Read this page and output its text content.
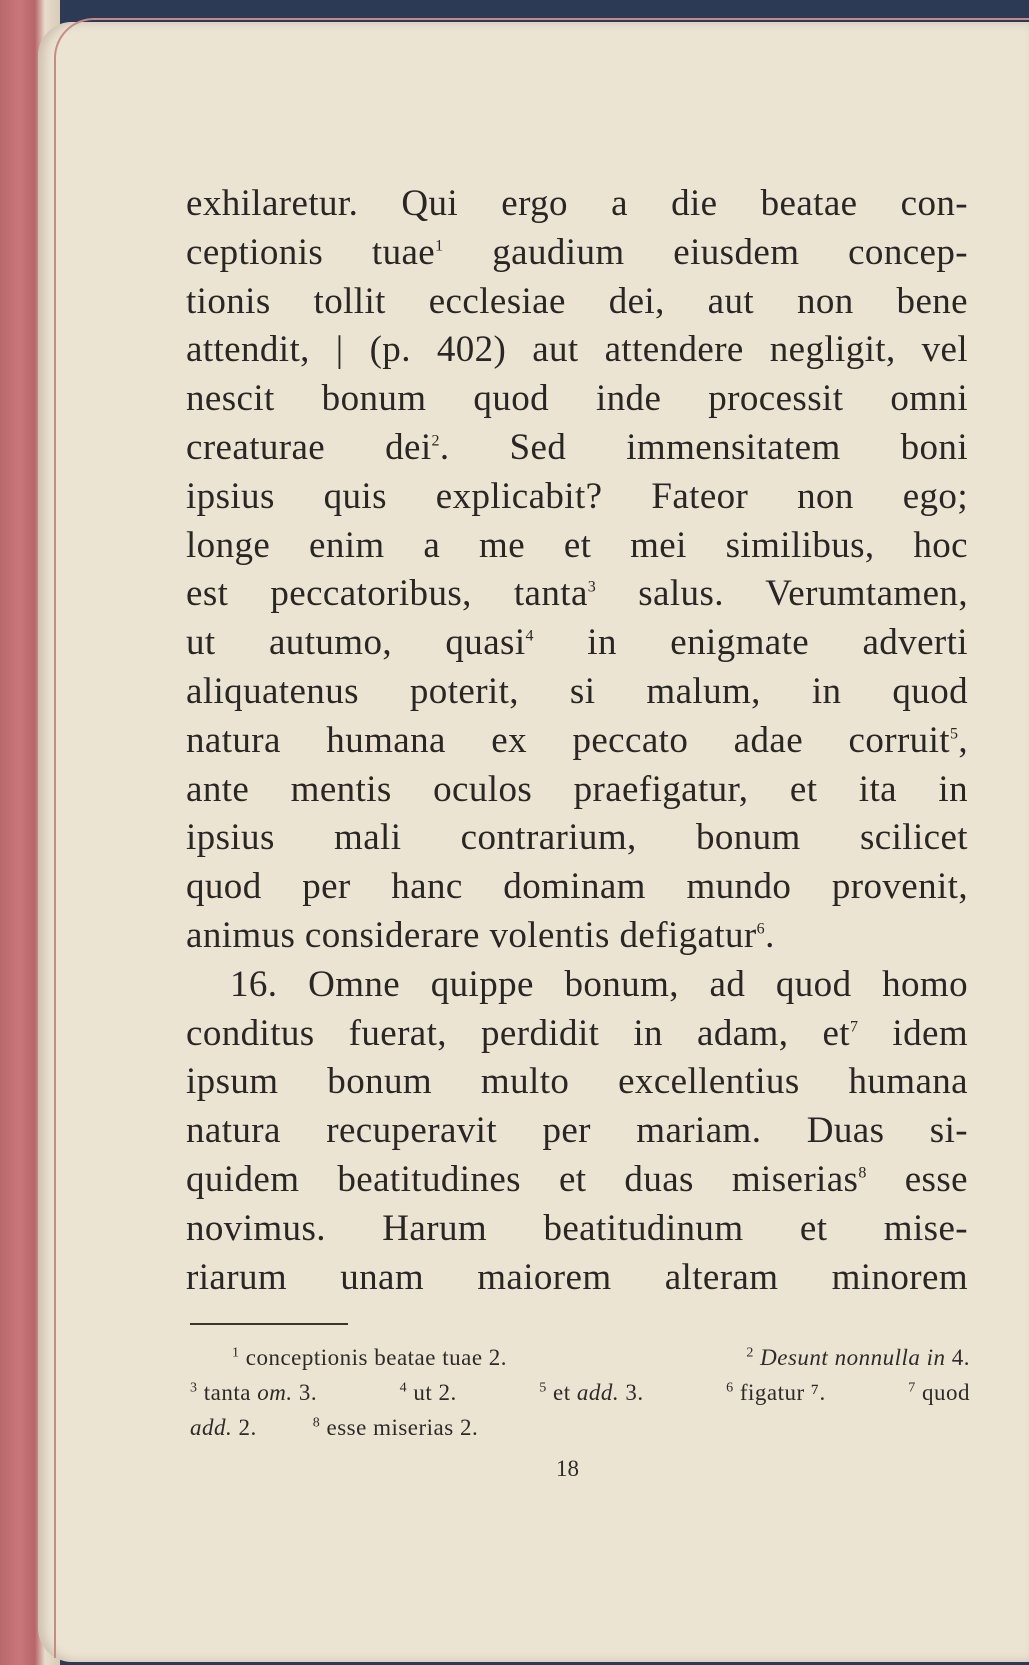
exhilaretur. Qui ergo a die beatae con-
ceptionis tuae$^1$ gaudium eiusdem concep-
tionis tollit ecclesiae dei, aut non bene
attendit, | (p. 402) aut attendere negligit, vel
nescit bonum quod inde processit omni
creaturae dei$^2$. Sed immensitatem boni
ipsius quis explicabit? Fateor non ego;
longe enim a me et mei similibus, hoc
est peccatoribus, tanta$^3$ salus. Verumtamen,
ut autumo, quasi$^4$ in enigmate adverti
aliquatenus poterit, si malum, in quod
natura humana ex peccato adae corruit$^5$,
ante mentis oculos praefigatur, et ita in
ipsius mali contrarium, bonum scilicet
quod per hanc dominam mundo provenit,
animus considerare volentis defigatur$^6$.
16. Omne quippe bonum, ad quod homo
conditus fuerat, perdidit in adam, et$^7$ idem
ipsum bonum multo excellentius humana
natura recuperavit per mariam. Duas si-
quidem beatitudines et duas miserias$^8$ esse
novimus. Harum beatitudinum et mise-
riarum unam maiorem alteram minorem
$^1$ conceptionis beatae tuae 2.	$^2$ Desunt nonnulla in 4.
$^3$ tanta om. 3.	$^4$ ut 2.	$^5$ et add. 3.	$^6$ figatur ⁷.	$^7$ quod
add. 2.	$^8$ esse miserias 2.
18
